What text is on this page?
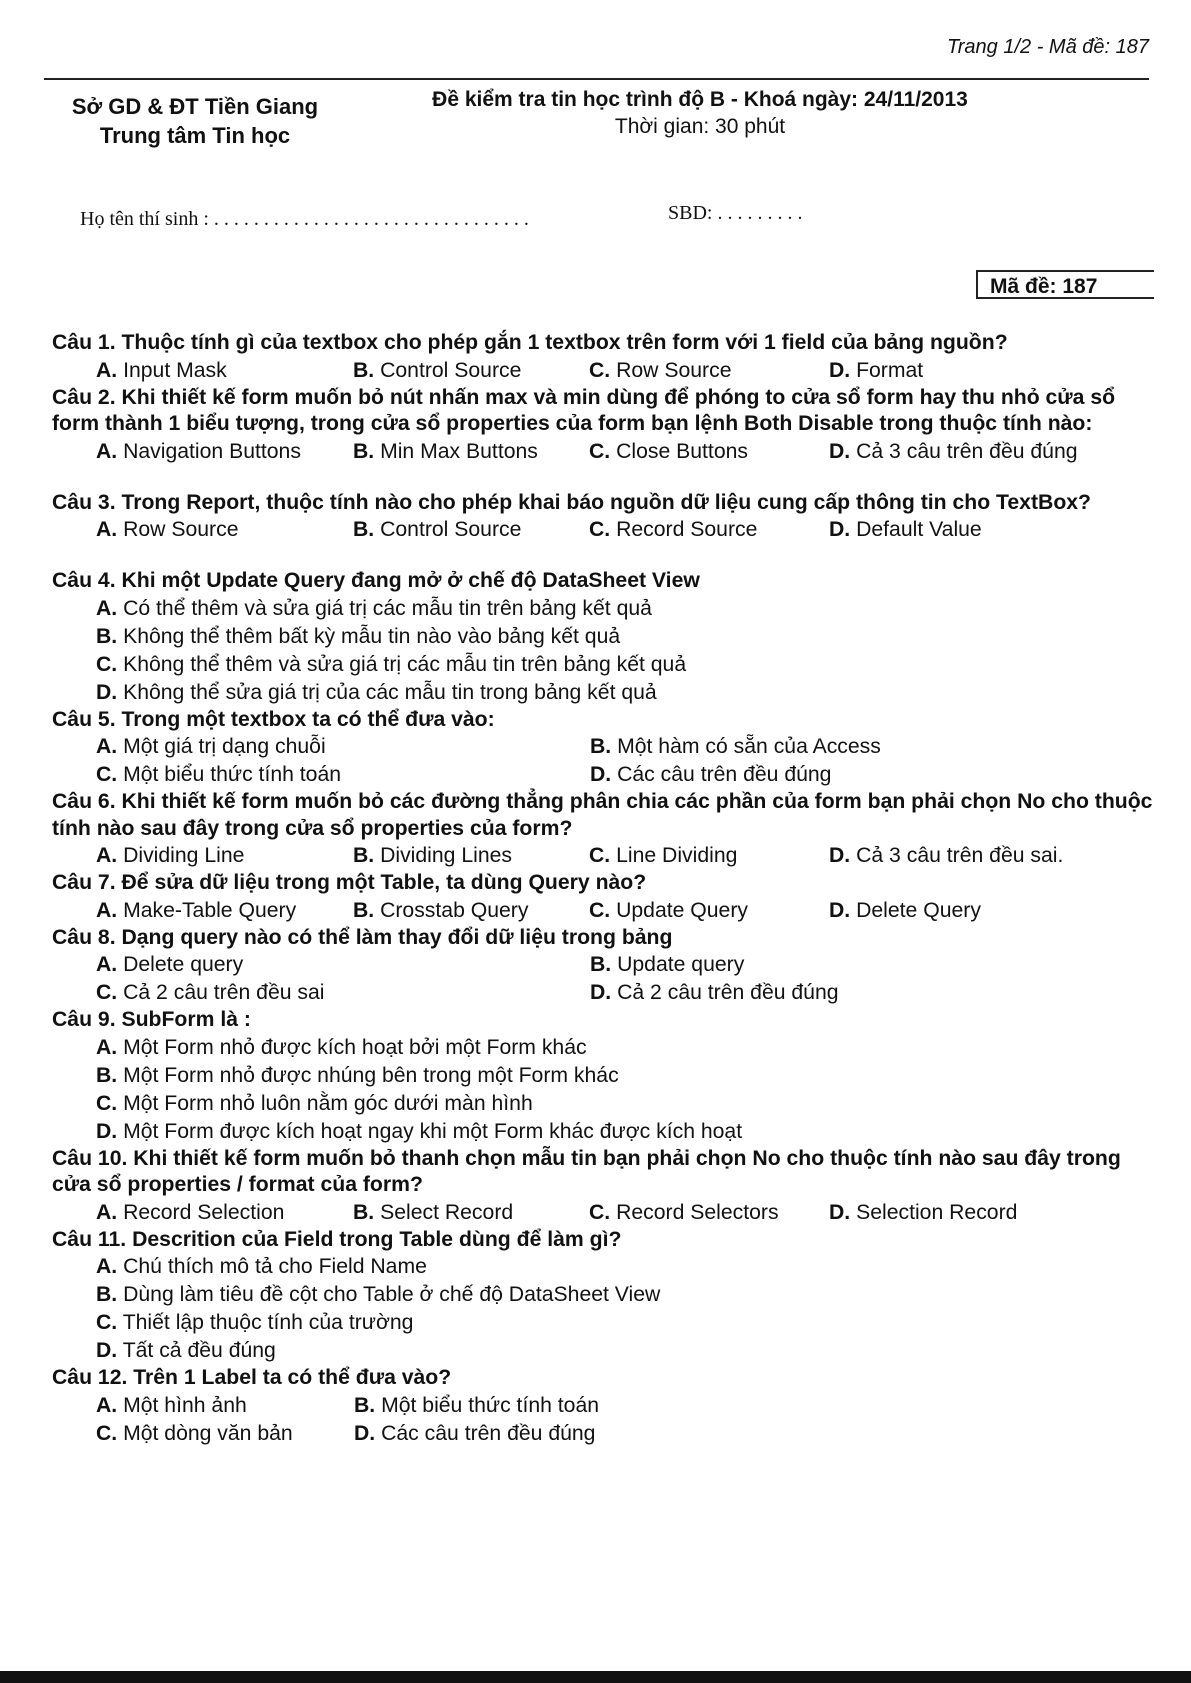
Trang 1/2 - Mã đề: 187
Sở GD & ĐT Tiền Giang
Trung tâm Tin học
Đề kiểm tra tin học trình độ B - Khoá ngày: 24/11/2013
Thời gian: 30 phút
Họ tên thí sinh : . . . . . . . . . . . . . . . . . . . . . . . . . . . . . . . .	SBD: . . . . . . . . .
Mã đề: 187
Câu 1. Thuộc tính gì của textbox cho phép gắn 1 textbox trên form với 1 field của bảng nguồn?
A. Input Mask	B. Control Source	C. Row Source	D. Format
Câu 2. Khi thiết kế form muốn bỏ nút nhấn max và min dùng để phóng to cửa sổ form hay thu nhỏ cửa sổ form thành 1 biểu tượng, trong cửa sổ properties của form bạn lệnh Both Disable trong thuộc tính nào:
A. Navigation Buttons	B. Min Max Buttons	C. Close Buttons	D. Cả 3 câu trên đều đúng
Câu 3. Trong Report, thuộc tính nào cho phép khai báo nguồn dữ liệu cung cấp thông tin cho TextBox?
A. Row Source	B. Control Source	C. Record Source	D. Default Value
Câu 4. Khi một Update Query đang mở ở chế độ DataSheet View
A. Có thể thêm và sửa giá trị các mẫu tin trên bảng kết quả
B. Không thể thêm bất kỳ mẫu tin nào vào bảng kết quả
C. Không thể thêm và sửa giá trị các mẫu tin trên bảng kết quả
D. Không thể sửa giá trị của các mẫu tin trong bảng kết quả
Câu 5. Trong một textbox ta có thể đưa vào:
A. Một giá trị dạng chuỗi	B. Một hàm có sẵn của Access
C. Một biểu thức tính toán	D. Các câu trên đều đúng
Câu 6. Khi thiết kế form muốn bỏ các đường thẳng phân chia các phần của form bạn phải chọn No cho thuộc tính nào sau đây trong cửa sổ properties của form?
A. Dividing Line	B. Dividing Lines	C. Line Dividing	D. Cả 3 câu trên đều sai.
Câu 7. Để sửa dữ liệu trong một Table, ta dùng Query nào?
A. Make-Table Query	B. Crosstab Query	C. Update Query	D. Delete Query
Câu 8. Dạng query nào có thể làm thay đổi dữ liệu trong bảng
A. Delete query	B. Update query
C. Cả 2 câu trên đều sai	D. Cả 2 câu trên đều đúng
Câu 9. SubForm là :
A. Một Form nhỏ được kích hoạt bởi một Form khác
B. Một Form nhỏ được nhúng bên trong một Form khác
C. Một Form nhỏ luôn nằm góc dưới màn hình
D. Một Form được kích hoạt ngay khi một Form khác được kích hoạt
Câu 10. Khi thiết kế form muốn bỏ thanh chọn mẫu tin bạn phải chọn No cho thuộc tính nào sau đây trong cửa sổ properties / format của form?
A. Record Selection	B. Select Record	C. Record Selectors	D. Selection Record
Câu 11. Descrition của Field trong Table dùng để làm gì?
A. Chú thích mô tả cho Field Name
B. Dùng làm tiêu đề cột cho Table ở chế độ DataSheet View
C. Thiết lập thuộc tính của trường
D. Tất cả đều đúng
Câu 12. Trên 1 Label ta có thể đưa vào?
A. Một hình ảnh	B. Một biểu thức tính toán
C. Một dòng văn bản	D. Các câu trên đều đúng
